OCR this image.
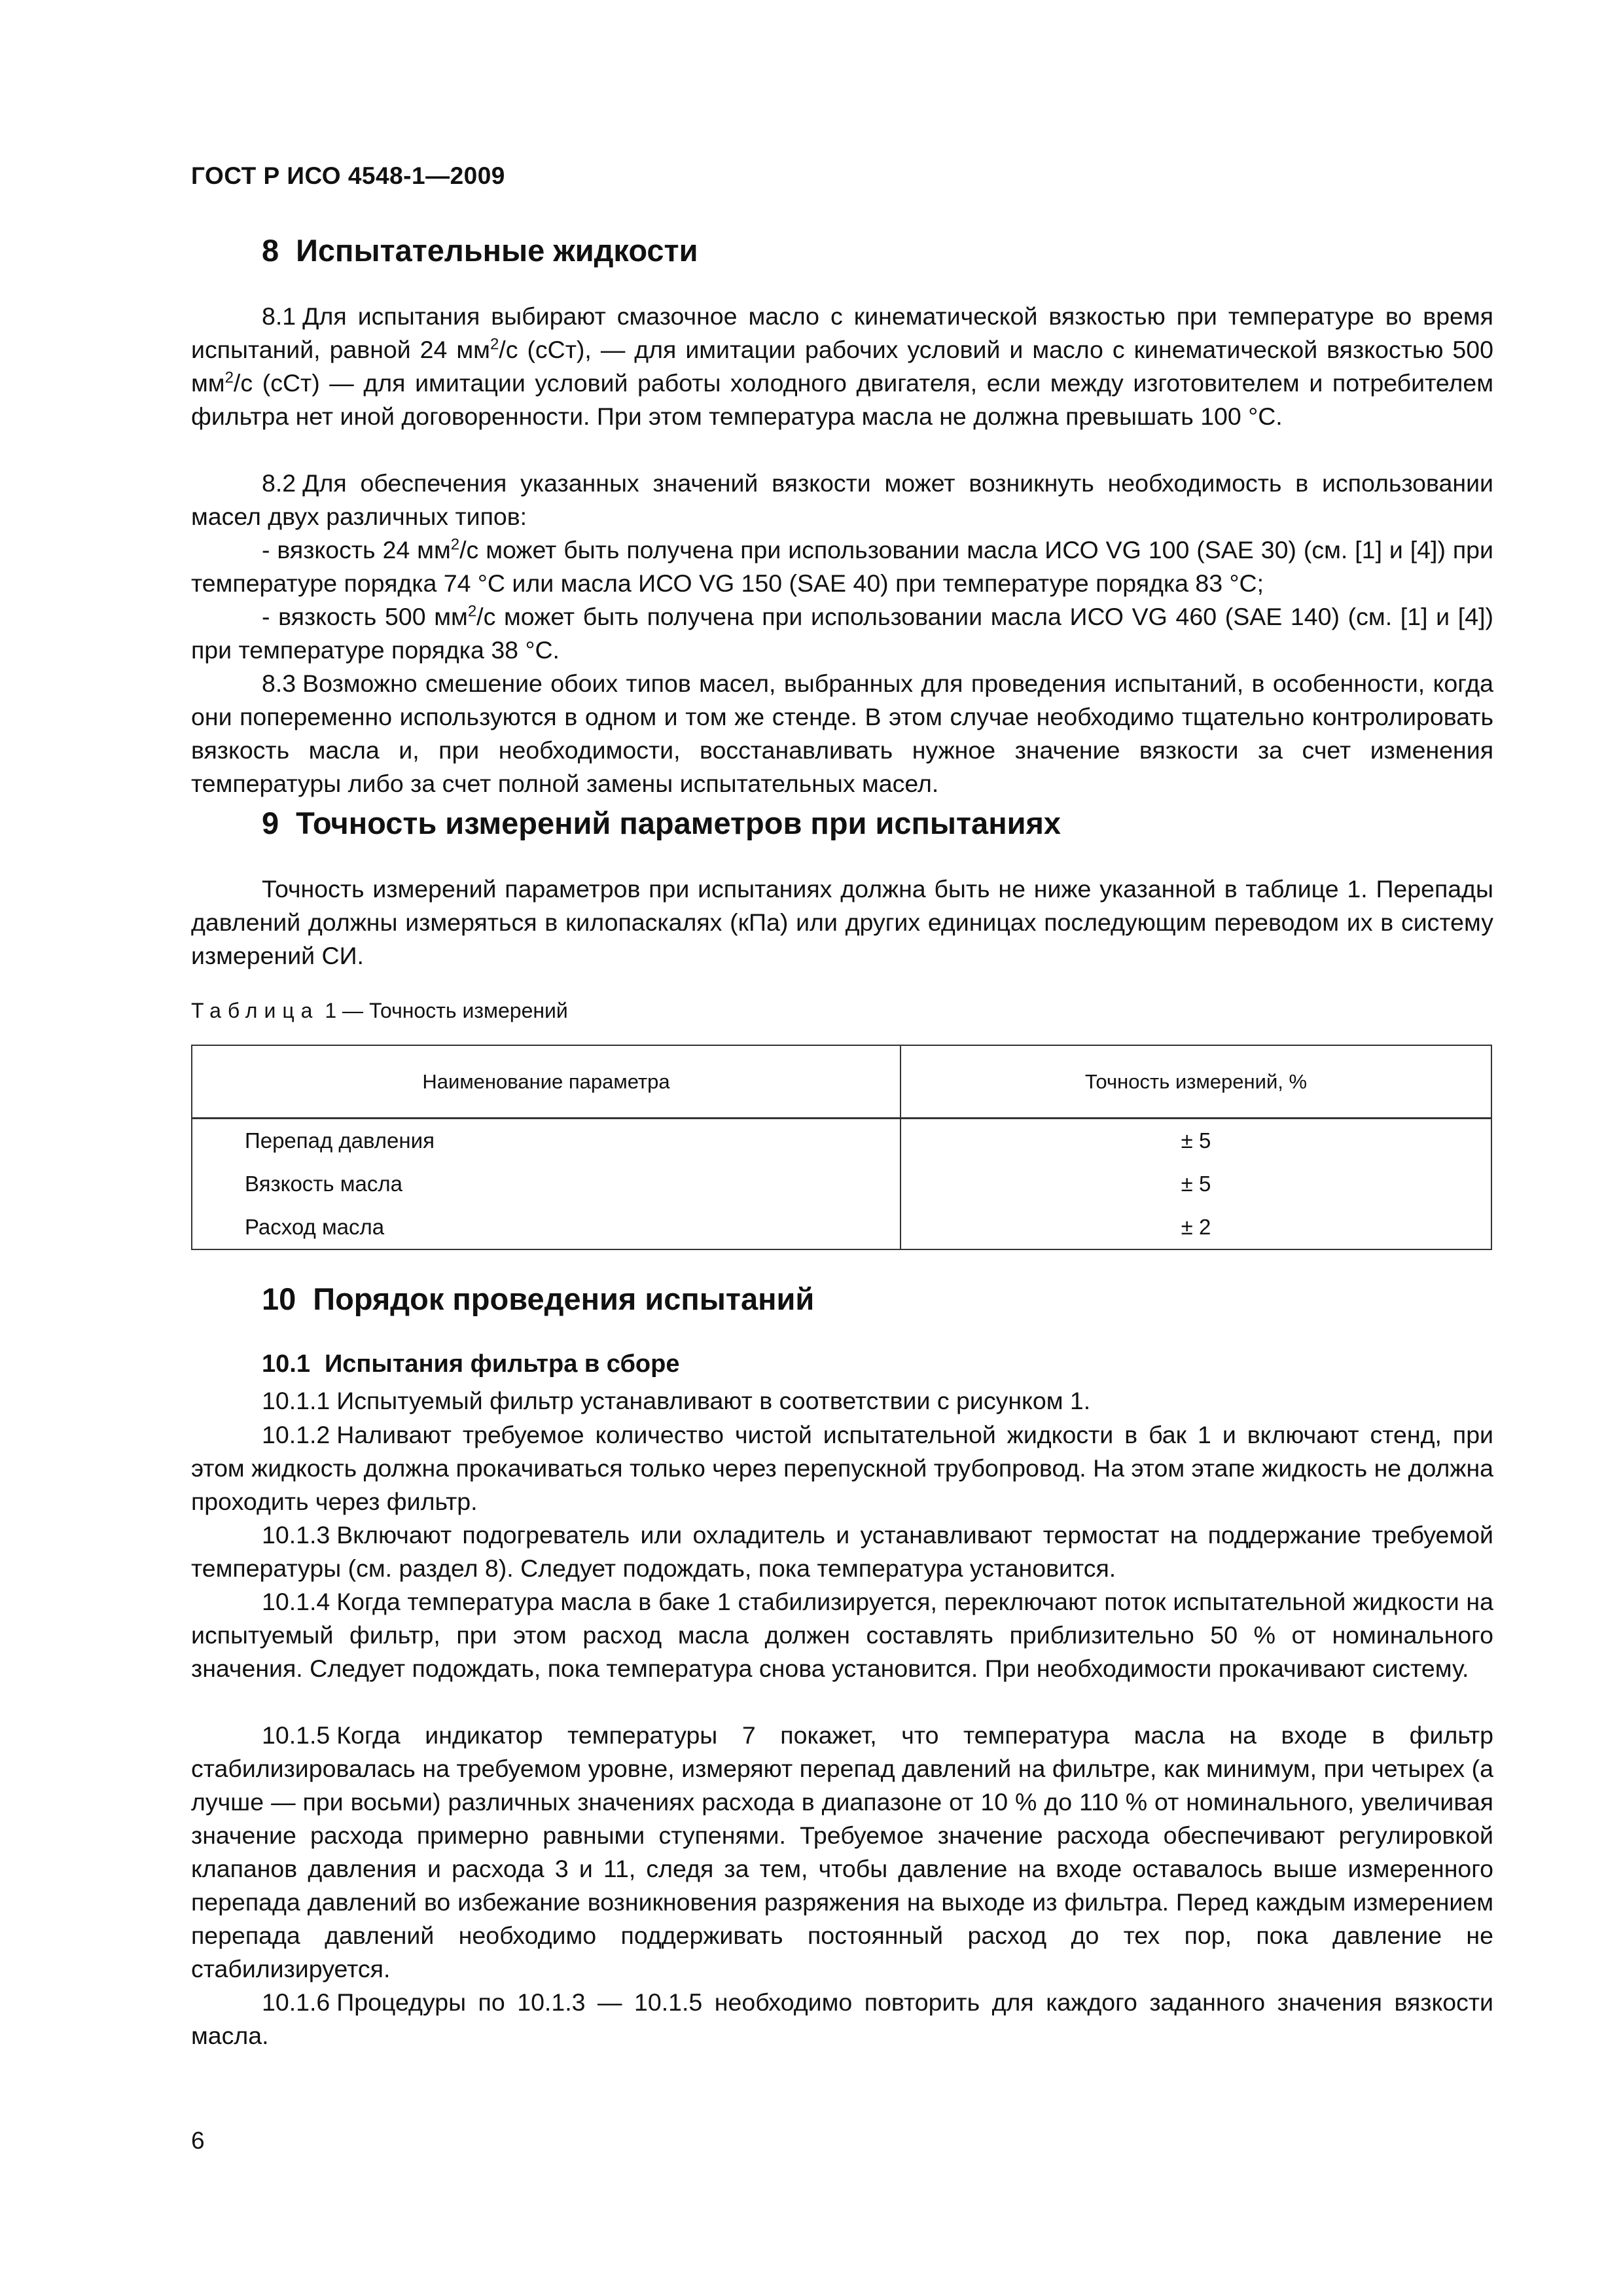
ГОСТ Р ИСО 4548-1—2009
8 Испытательные жидкости

8.1 Для испытания выбирают смазочное масло с кинематической вязкостью при температуре во время испытаний, равной 24 $мм^2/с$ (сСт), — для имитации рабочих условий и масло с кинематической вязкостью 500 $мм^2/с$ (сСт) — для имитации условий работы холодного двигателя, если между изготовителем и потребителем фильтра нет иной договоренности. При этом температура масла не должна превышать 100 °С.

8.2 Для обеспечения указанных значений вязкости может возникнуть необходимость в использовании масел двух различных типов:

- вязкость 24 $мм^2/с$ может быть получена при использовании масла ИСО VG 100 (SAE 30) (см. [1] и [4]) при температуре порядка 74 °С или масла ИСО VG 150 (SAE 40) при температуре порядка 83 °С;

- вязкость 500 $мм^2/с$ может быть получена при использовании масла ИСО VG 460 (SAE 140) (см. [1] и [4]) при температуре порядка 38 °С.

8.3 Возможно смешение обоих типов масел, выбранных для проведения испытаний, в особенности, когда они попеременно используются в одном и том же стенде. В этом случае необходимо тщательно контролировать вязкость масла и, при необходимости, восстанавливать нужное значение вязкости за счет изменения температуры либо за счет полной замены испытательных масел.

9 Точность измерений параметров при испытаниях

Точность измерений параметров при испытаниях должна быть не ниже указанной в таблице 1. Перепады давлений должны измеряться в килопаскалях (кПа) или других единицах последующим переводом их в систему измерений СИ.

Таблица 1 — Точность измерений
Наименование параметра	Точность измерений, %
Перепад давления	± 5
Вязкость масла	± 5
Расход масла	± 2
10 Порядок проведения испытаний
10.1 Испытания фильтра в сборе

10.1.1 Испытуемый фильтр устанавливают в соответствии с рисунком 1.

10.1.2 Наливают требуемое количество чистой испытательной жидкости в бак 1 и включают стенд, при этом жидкость должна прокачиваться только через перепускной трубопровод. На этом этапе жидкость не должна проходить через фильтр.

10.1.3 Включают подогреватель или охладитель и устанавливают термостат на поддержание требуемой температуры (см. раздел 8). Следует подождать, пока температура установится.

10.1.4 Когда температура масла в баке 1 стабилизируется, переключают поток испытательной жидкости на испытуемый фильтр, при этом расход масла должен составлять приблизительно 50 % от номинального значения. Следует подождать, пока температура снова установится. При необходимости прокачивают систему.

10.1.5 Когда индикатор температуры 7 покажет, что температура масла на входе в фильтр стабилизировалась на требуемом уровне, измеряют перепад давлений на фильтре, как минимум, при четырех (а лучше — при восьми) различных значениях расхода в диапазоне от 10 % до 110 % от номинального, увеличивая значение расхода примерно равными ступенями. Требуемое значение расхода обеспечивают регулировкой клапанов давления и расхода 3 и 11, следя за тем, чтобы давление на входе оставалось выше измеренного перепада давлений во избежание возникновения разряжения на выходе из фильтра. Перед каждым измерением перепада давлений необходимо поддерживать постоянный расход до тех пор, пока давление не стабилизируется.

10.1.6 Процедуры по 10.1.3 — 10.1.5 необходимо повторить для каждого заданного значения вязкости масла.

6
